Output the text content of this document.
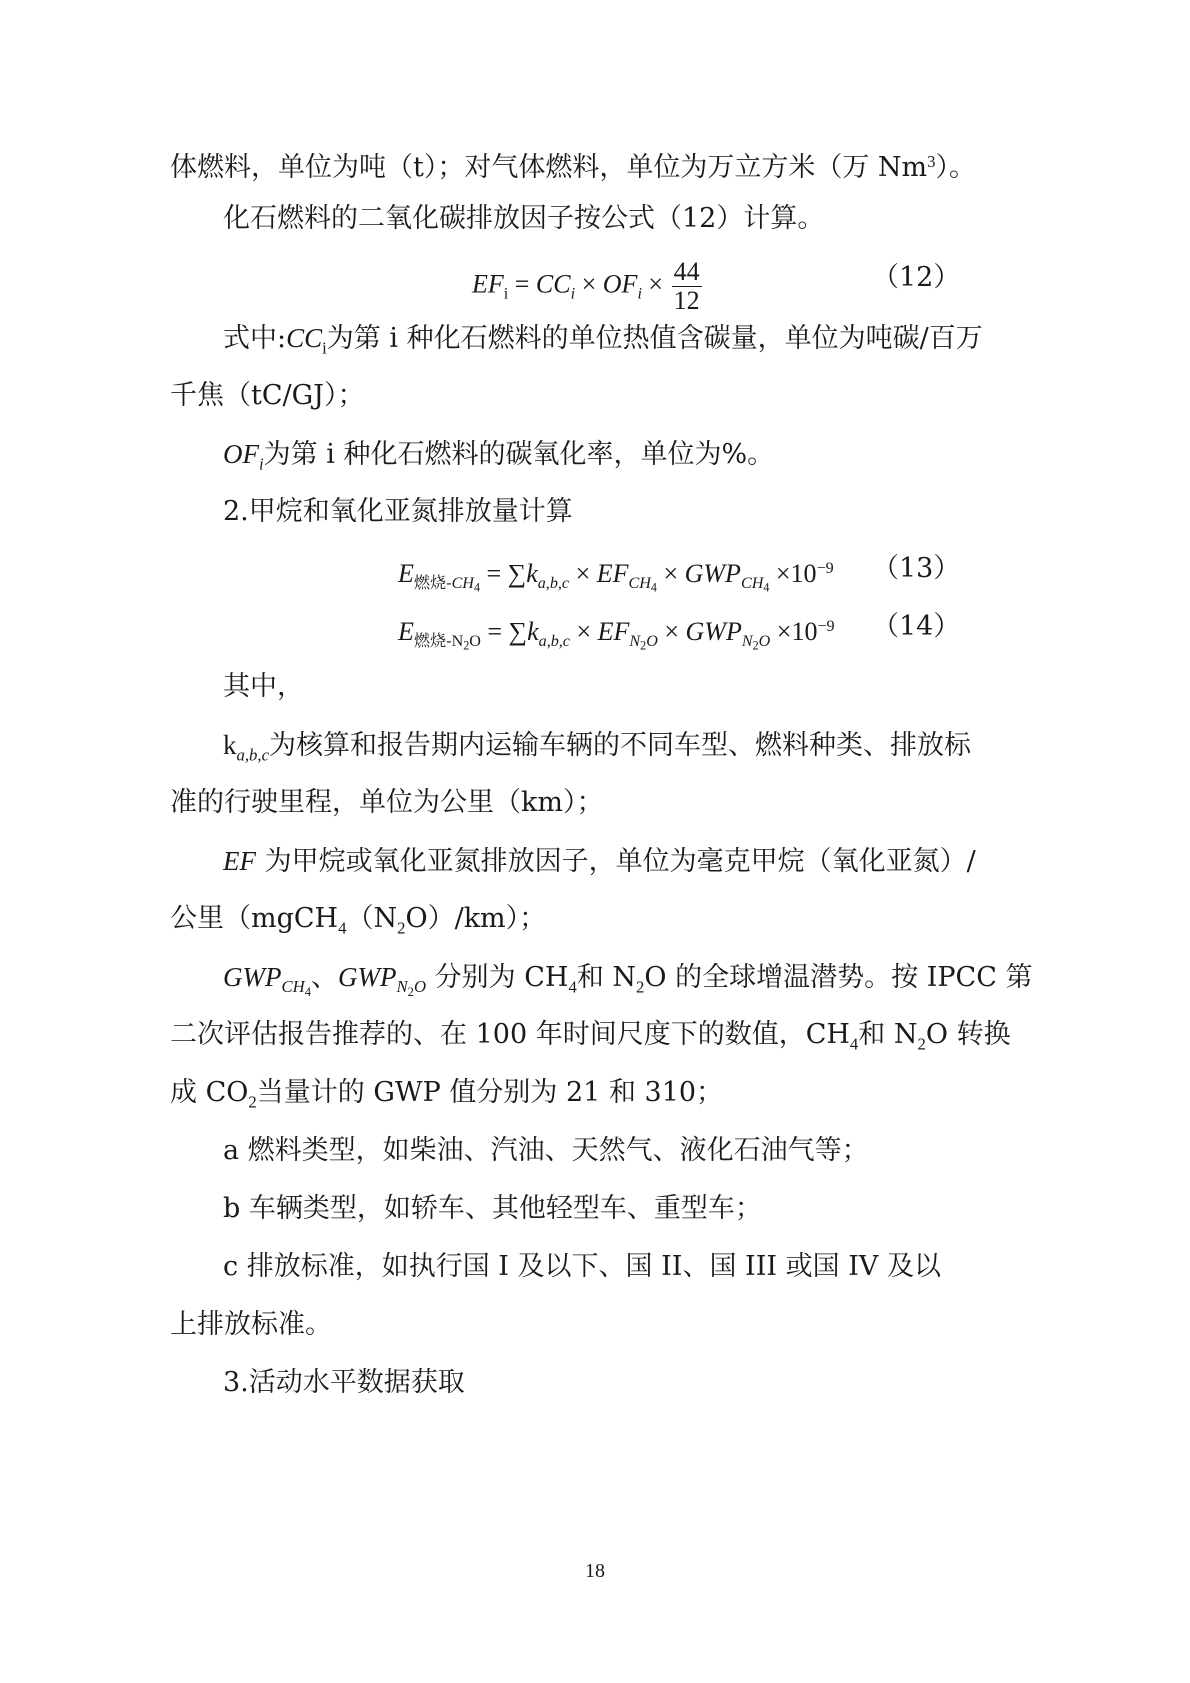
体燃料，单位为吨（t）；对气体燃料，单位为万立方米（万 Nm$^3$）。
化石燃料的二氧化碳排放因子按公式（12）计算。
$EF_i = CC_i \times OF_i \times \frac{44}{12}$	（12）
式中$:CC_i$为第 i 种化石燃料的单位热值含碳量，单位为吨碳/百万
千焦（tC/GJ）；
$OF_i$为第 i 种化石燃料的碳氧化率，单位为%。
2.甲烷和氧化亚氮排放量计算
$E_{燃烧-CH_4} = \sum k_{a,b,c} \times EF_{CH_4} \times GWP_{CH_4} \times 10^{-9}$ （13）
$E_{燃烧-N_2O} = \sum k_{a,b,c} \times EF_{N_2O} \times GWP_{N_2O} \times 10^{-9}$ （14）
其中，
$k_{a,b,c}$为核算和报告期内运输车辆的不同车型、燃料种类、排放标
准的行驶里程，单位为公里（km）；
EF 为甲烷或氧化亚氮排放因子，单位为毫克甲烷（氧化亚氮）/
公里$(mgCH_4(N_2O)/km)$；
$GWP_{CH_4}$、$GWP_{N_2O}$ 分别为 $CH_4$和 $N_2O$ 的全球增温潜势。按 IPCC 第
二次评估报告推荐的、在 100 年时间尺度下的数值，$CH_4$和 $N_2O$ 转换
成 $CO_2$当量计的 GWP 值分别为 21 和 310；
a 燃料类型，如柴油、汽油、天然气、液化石油气等；
b 车辆类型，如轿车、其他轻型车、重型车；
c 排放标准，如执行国 I 及以下、国 II、国 III 或国 IV 及以
上排放标准。
3.活动水平数据获取
18
